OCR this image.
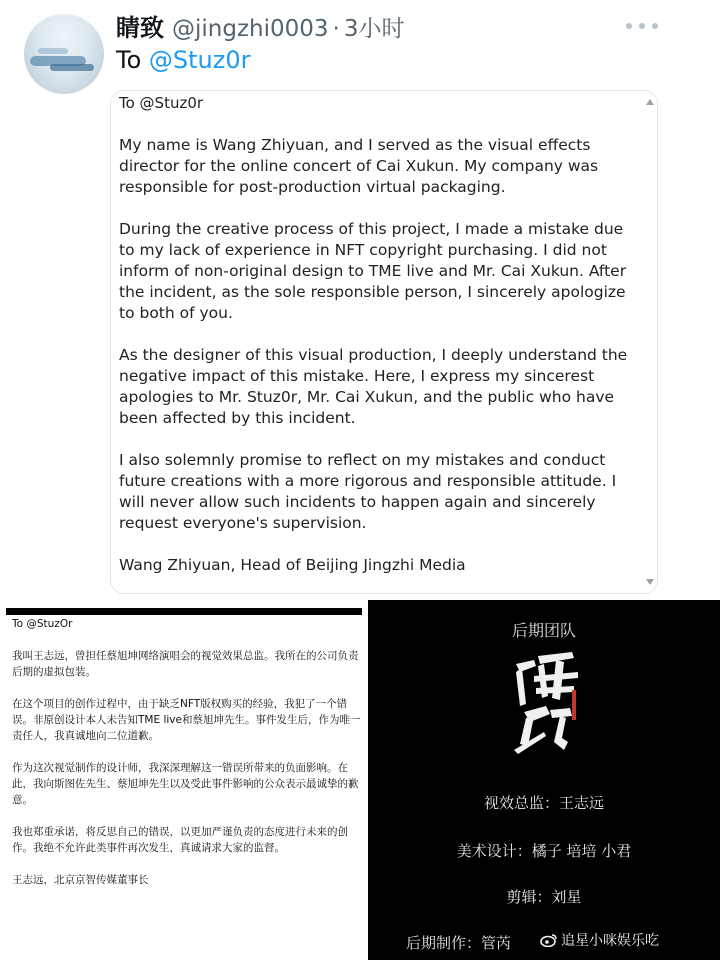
睛致 @jingzhi0003 · 3小时
To @Stuz0r
To @Stuz0r

My name is Wang Zhiyuan, and I served as the visual effects director for the online concert of Cai Xukun. My company was responsible for post-production virtual packaging.

During the creative process of this project, I made a mistake due to my lack of experience in NFT copyright purchasing. I did not inform of non-original design to TME live and Mr. Cai Xukun. After the incident, as the sole responsible person, I sincerely apologize to both of you.

As the designer of this visual production, I deeply understand the negative impact of this mistake. Here, I express my sincerest apologies to Mr. Stuz0r, Mr. Cai Xukun, and the public who have been affected by this incident.

I also solemnly promise to reflect on my mistakes and conduct future creations with a more rigorous and responsible attitude. I will never allow such incidents to happen again and sincerely request everyone's supervision.

Wang Zhiyuan, Head of Beijing Jingzhi Media

To @StuzOr

我叫王志远，曾担任蔡旭坤网络演唱会的视觉效果总监。我所在的公司负责后期的虚拟包装。

在这个项目的创作过程中，由于缺乏NFT版权购买的经验，我犯了一个错误。非原创设计本人未告知TME live和蔡旭坤先生。事件发生后，作为唯一责任人，我真诚地向二位道歉。

作为这次视觉制作的设计师，我深深理解这一错误所带来的负面影响。在此，我向斯图佐先生、蔡旭坤先生以及受此事件影响的公众表示最诚挚的歉意。

我也郑重承诺，将反思自己的错误，以更加严谨负责的态度进行未来的创作。我绝不允许此类事件再次发生，真诚请求大家的监督。

王志远，北京京智传媒董事长

后期团队
视效总监：王志远
美术设计：橘子 培培 小君
剪辑：刘星
后期制作：管芮	追星小咪娱乐吃
